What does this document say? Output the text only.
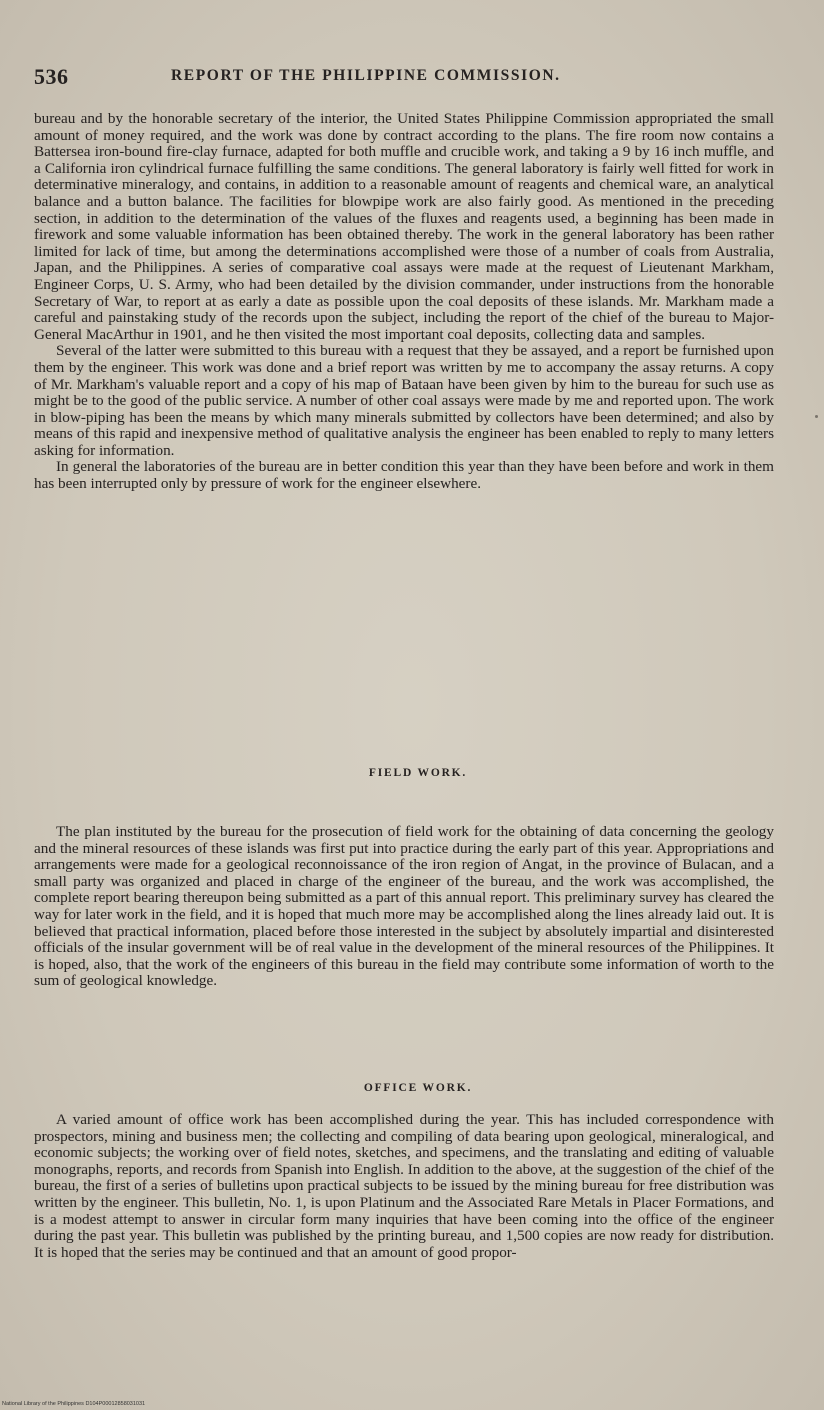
536	REPORT OF THE PHILIPPINE COMMISSION.

bureau and by the honorable secretary of the interior, the United States Philippine Commission appropriated the small amount of money required, and the work was done by contract according to the plans. The fire room now contains a Battersea iron-bound fire-clay furnace, adapted for both muffle and crucible work, and taking a 9 by 16 inch muffle, and a California iron cylindrical furnace fulfilling the same conditions. The general laboratory is fairly well fitted for work in determinative mineralogy, and contains, in addition to a reasonable amount of reagents and chemical ware, an analytical balance and a button balance. The facilities for blowpipe work are also fairly good. As mentioned in the preceding section, in addition to the determination of the values of the fluxes and reagents used, a beginning has been made in firework and some valuable information has been obtained thereby. The work in the general laboratory has been rather limited for lack of time, but among the determinations accomplished were those of a number of coals from Australia, Japan, and the Philippines. A series of comparative coal assays were made at the request of Lieutenant Markham, Engineer Corps, U. S. Army, who had been detailed by the division commander, under instructions from the honorable Secretary of War, to report at as early a date as possible upon the coal deposits of these islands. Mr. Markham made a careful and painstaking study of the records upon the subject, including the report of the chief of the bureau to Major-General MacArthur in 1901, and he then visited the most important coal deposits, collecting data and samples.

Several of the latter were submitted to this bureau with a request that they be assayed, and a report be furnished upon them by the engineer. This work was done and a brief report was written by me to accompany the assay returns. A copy of Mr. Markham's valuable report and a copy of his map of Bataan have been given by him to the bureau for such use as might be to the good of the public service. A number of other coal assays were made by me and reported upon. The work in blow-piping has been the means by which many minerals submitted by collectors have been determined; and also by means of this rapid and inexpensive method of qualitative analysis the engineer has been enabled to reply to many letters asking for information.

In general the laboratories of the bureau are in better condition this year than they have been before and work in them has been interrupted only by pressure of work for the engineer elsewhere.

FIELD WORK.

The plan instituted by the bureau for the prosecution of field work for the obtaining of data concerning the geology and the mineral resources of these islands was first put into practice during the early part of this year. Appropriations and arrangements were made for a geological reconnoissance of the iron region of Angat, in the province of Bulacan, and a small party was organized and placed in charge of the engineer of the bureau, and the work was accomplished, the complete report bearing thereupon being submitted as a part of this annual report. This preliminary survey has cleared the way for later work in the field, and it is hoped that much more may be accomplished along the lines already laid out. It is believed that practical information, placed before those interested in the subject by absolutely impartial and disinterested officials of the insular government will be of real value in the development of the mineral resources of the Philippines. It is hoped, also, that the work of the engineers of this bureau in the field may contribute some information of worth to the sum of geological knowledge.

OFFICE WORK.

A varied amount of office work has been accomplished during the year. This has included correspondence with prospectors, mining and business men; the collecting and compiling of data bearing upon geological, mineralogical, and economic subjects; the working over of field notes, sketches, and specimens, and the translating and editing of valuable monographs, reports, and records from Spanish into English. In addition to the above, at the suggestion of the chief of the bureau, the first of a series of bulletins upon practical subjects to be issued by the mining bureau for free distribution was written by the engineer. This bulletin, No. 1, is upon Platinum and the Associated Rare Metals in Placer Formations, and is a modest attempt to answer in circular form many inquiries that have been coming into the office of the engineer during the past year. This bulletin was published by the printing bureau, and 1,500 copies are now ready for distribution. It is hoped that the series may be continued and that an amount of good propor-

National Library of the Philippines D104P00012858031031
